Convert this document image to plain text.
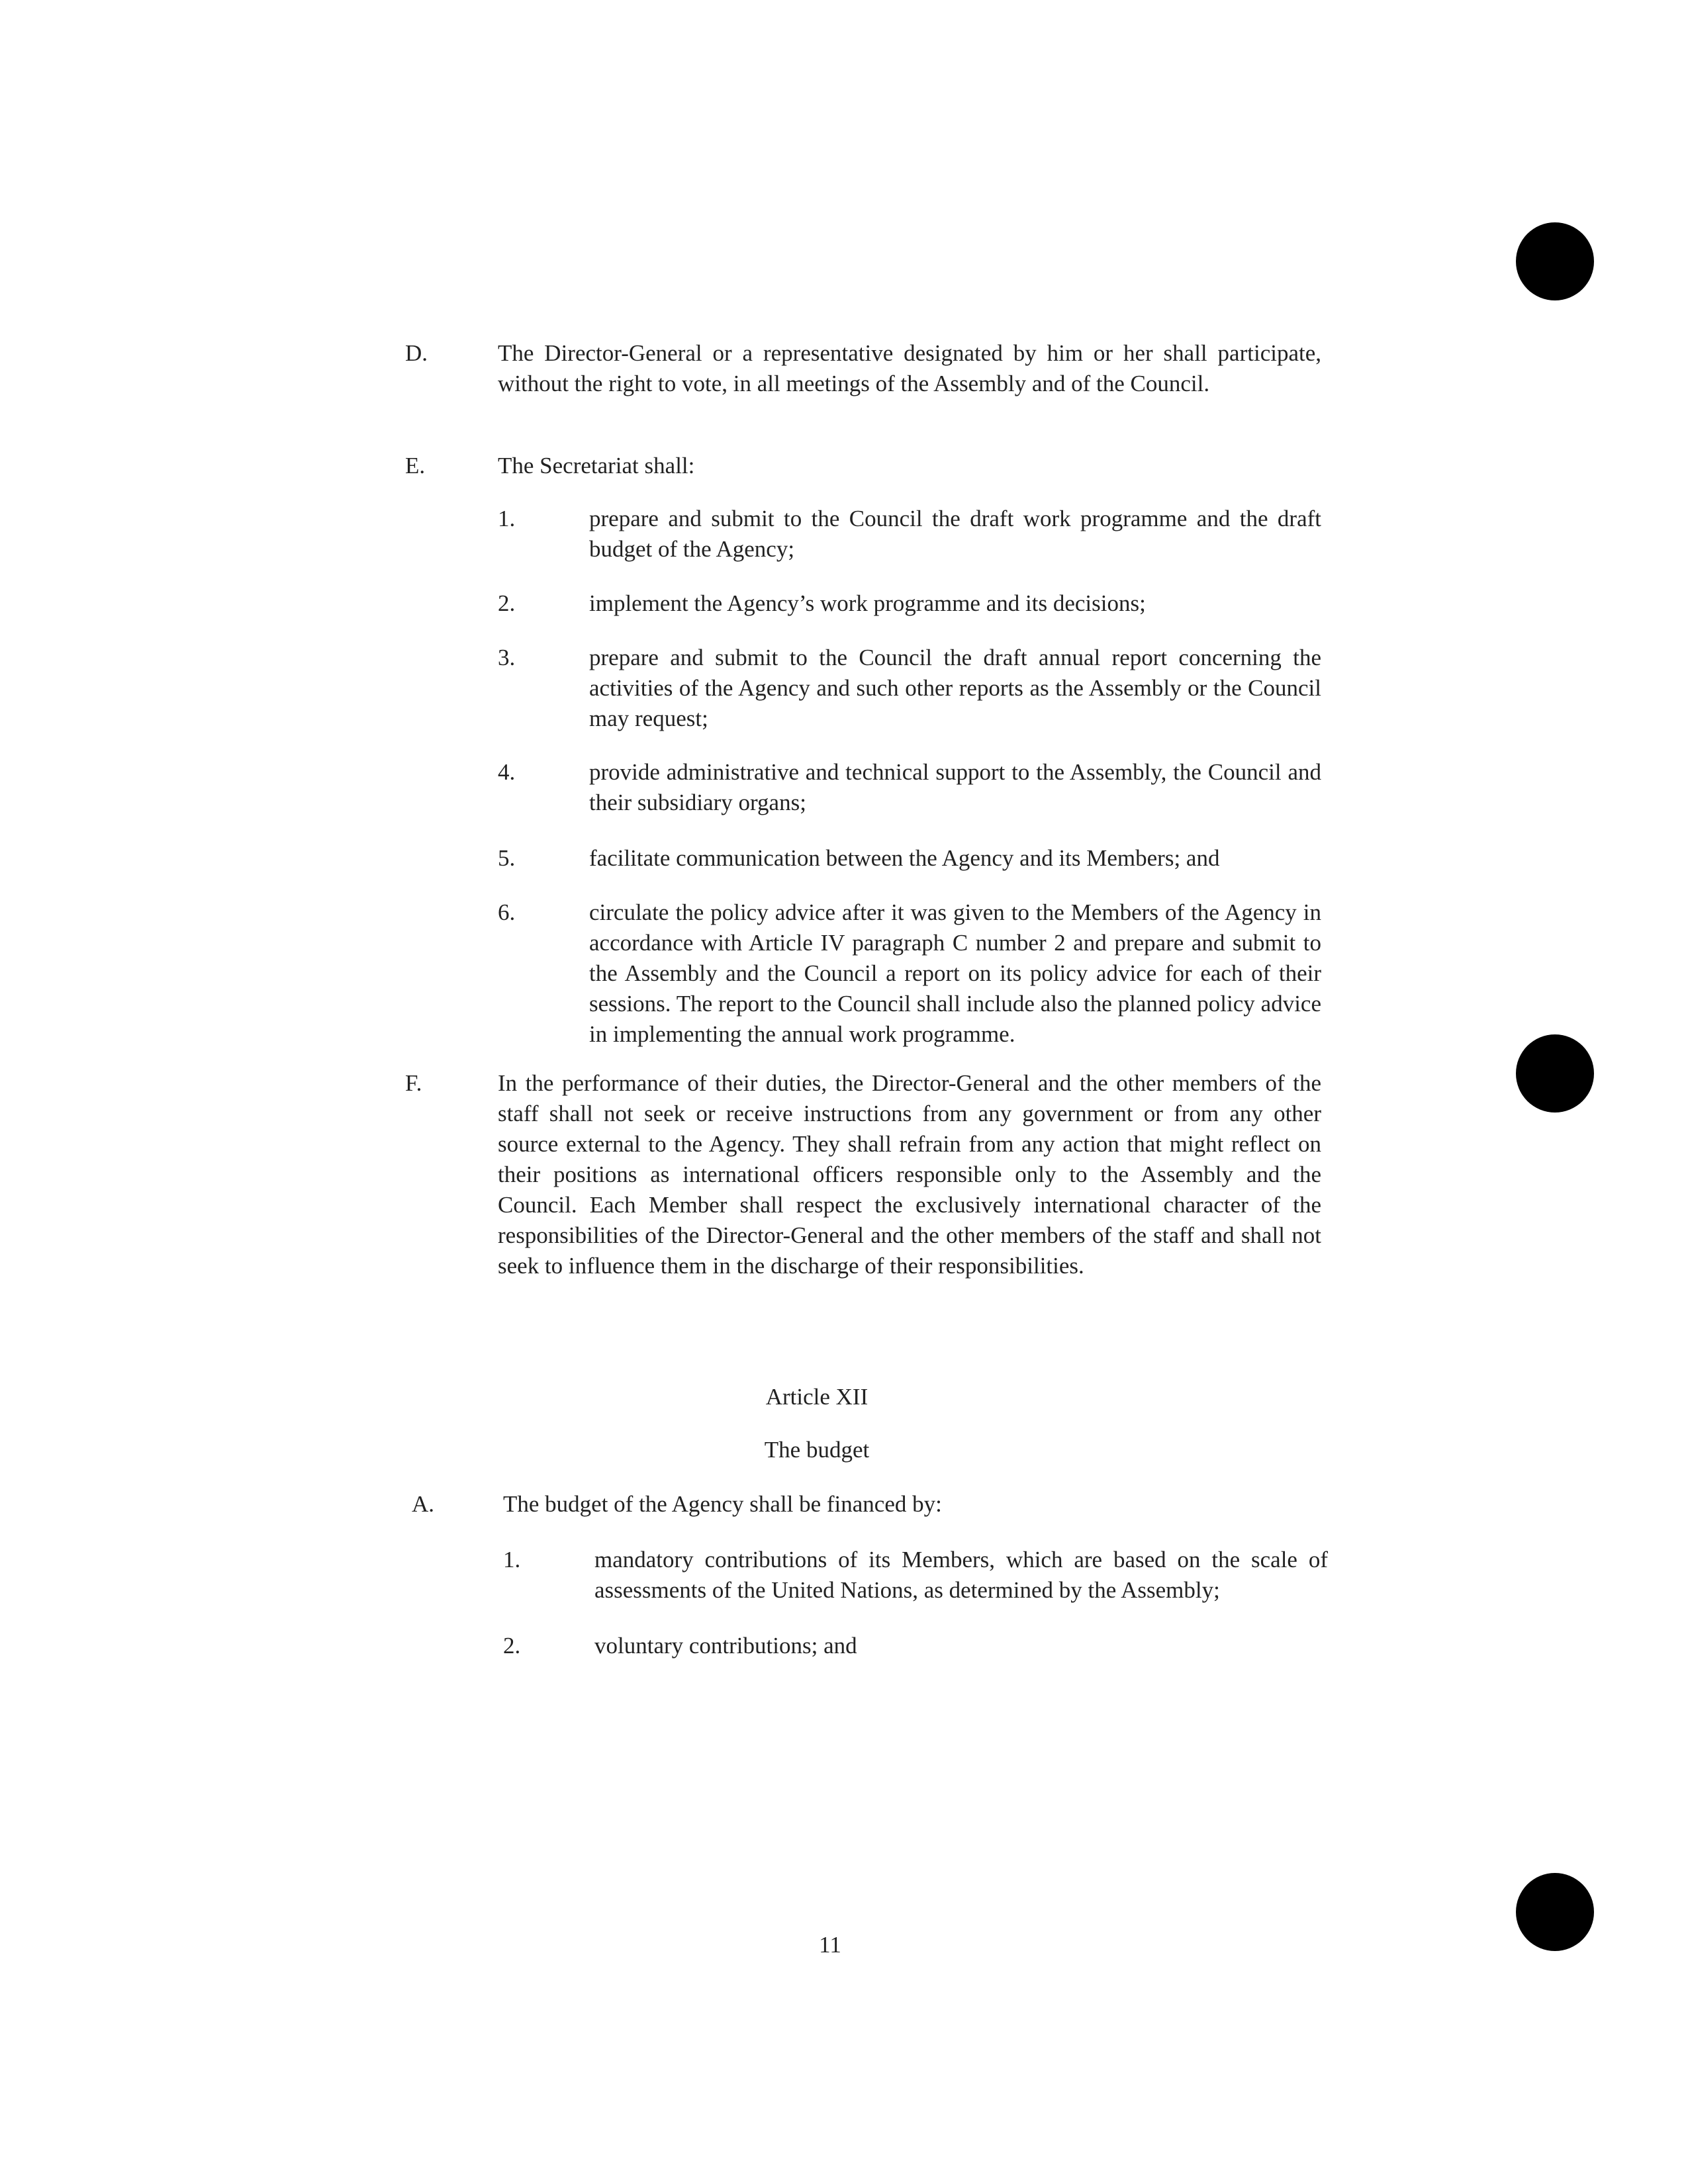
D.	The Director-General or a representative designated by him or her shall participate, without the right to vote, in all meetings of the Assembly and of the Council.
E.	The Secretariat shall:
1.	prepare and submit to the Council the draft work programme and the draft budget of the Agency;
2.	implement the Agency’s work programme and its decisions;
3.	prepare and submit to the Council the draft annual report concerning the activities of the Agency and such other reports as the Assembly or the Council may request;
4.	provide administrative and technical support to the Assembly, the Council and their subsidiary organs;
5.	facilitate communication between the Agency and its Members; and
6.	circulate the policy advice after it was given to the Members of the Agency in accordance with Article IV paragraph C number 2 and prepare and submit to the Assembly and the Council a report on its policy advice for each of their sessions. The report to the Council shall include also the planned policy advice in implementing the annual work programme.
F.	In the performance of their duties, the Director-General and the other members of the staff shall not seek or receive instructions from any government or from any other source external to the Agency. They shall refrain from any action that might reflect on their positions as international officers responsible only to the Assembly and the Council. Each Member shall respect the exclusively international character of the responsibilities of the Director-General and the other members of the staff and shall not seek to influence them in the discharge of their responsibilities.
Article XII
The budget
A.	The budget of the Agency shall be financed by:
1.	mandatory contributions of its Members, which are based on the scale of assessments of the United Nations, as determined by the Assembly;
2.	voluntary contributions; and
11
